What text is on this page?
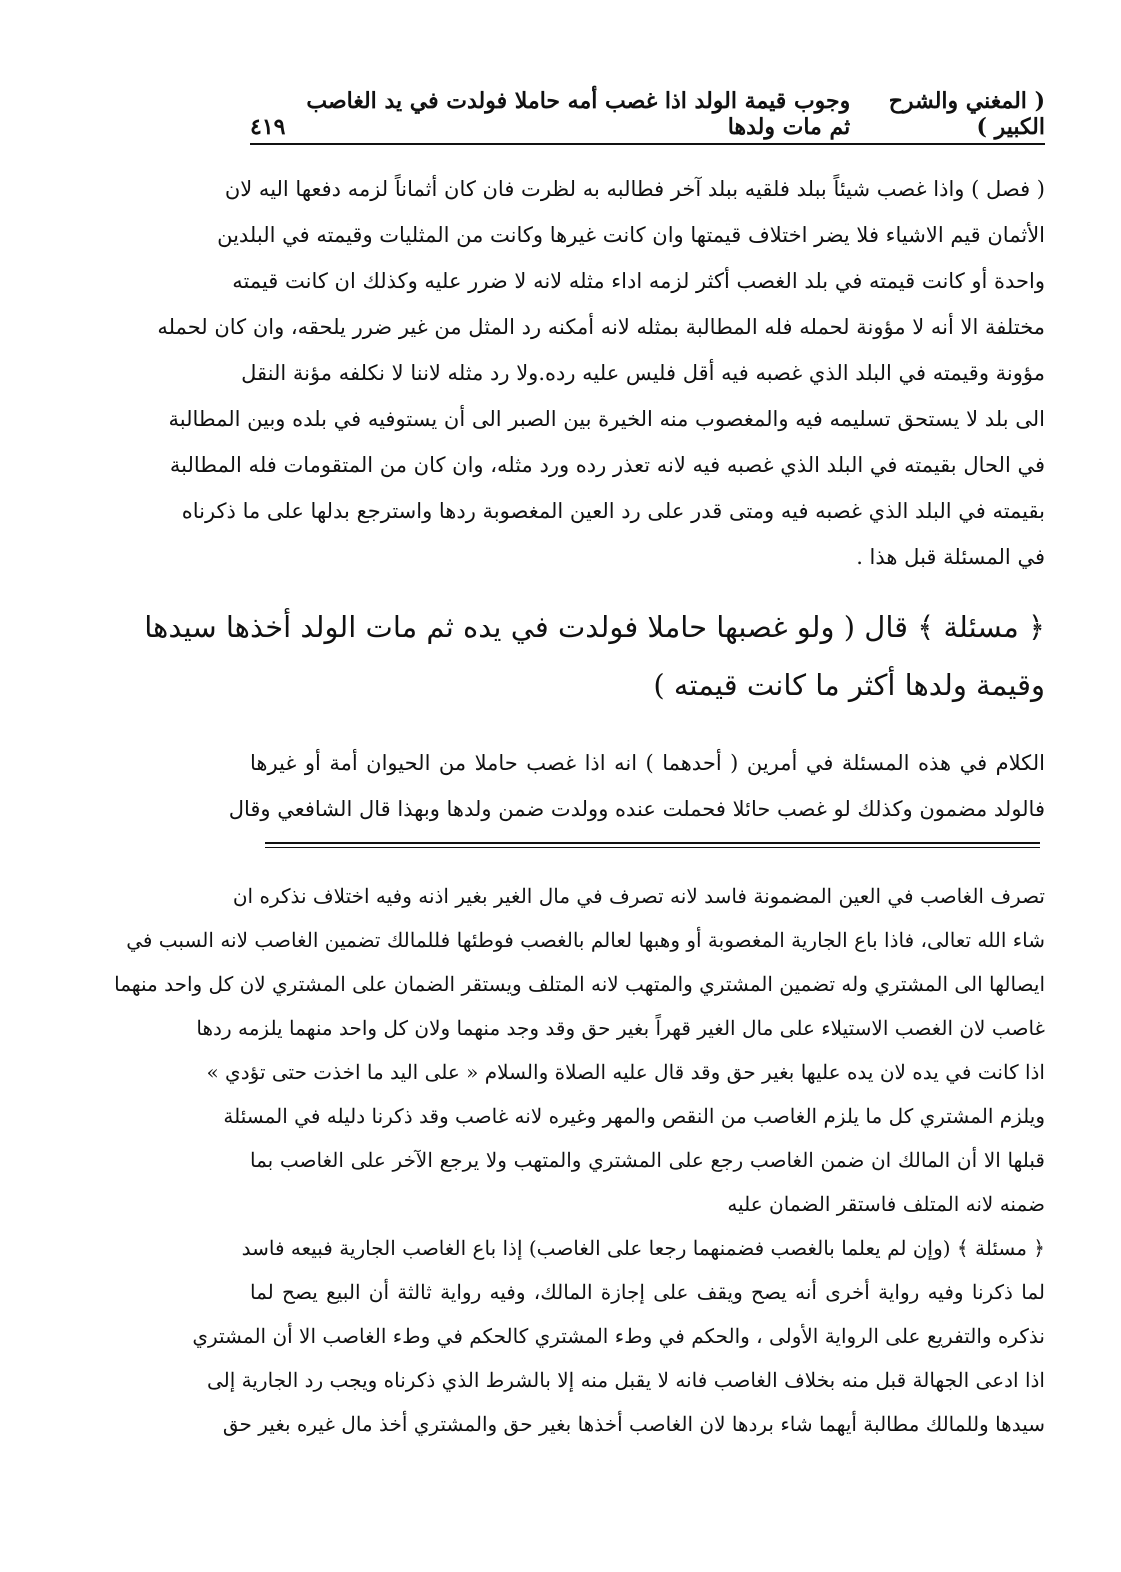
( المغني والشرح الكبير )
وجوب قيمة الولد اذا غصب أمه حاملا فولدت في يد الغاصب ثم مات ولدها
٤١٩
( فصل ) واذا غصب شيئاً ببلد فلقيه ببلد آخر فطالبه به لظرت فان كان أثماناً لزمه دفعها اليه لان
الأثمان قيم الاشياء فلا يضر اختلاف قيمتها وان كانت غيرها وكانت من المثليات وقيمته في البلدين
واحدة أو كانت قيمته في بلد الغصب أكثر لزمه اداء مثله لانه لا ضرر عليه وكذلك ان كانت قيمته
مختلفة الا أنه لا مؤونة لحمله فله المطالبة بمثله لانه أمكنه رد المثل من غير ضرر يلحقه، وان كان لحمله
مؤونة وقيمته في البلد الذي غصبه فيه أقل فليس عليه رده.ولا رد مثله لاننا لا نكلفه مؤنة النقل
الى بلد لا يستحق تسليمه فيه والمغصوب منه الخيرة بين الصبر الى أن يستوفيه في بلده وبين المطالبة
في الحال بقيمته في البلد الذي غصبه فيه لانه تعذر رده ورد مثله، وان كان من المتقومات فله المطالبة
بقيمته في البلد الذي غصبه فيه ومتى قدر على رد العين المغصوبة ردها واسترجع بدلها على ما ذكرناه
في المسئلة قبل هذا .
﴿ مسئلة ﴾ قال ( ولو غصبها حاملا فولدت في يده ثم مات الولد أخذها سيدها
وقيمة ولدها أكثر ما كانت قيمته )
الكلام في هذه المسئلة في أمرين ( أحدهما ) انه اذا غصب حاملا من الحيوان أمة أو غيرها
فالولد مضمون وكذلك لو غصب حائلا فحملت عنده وولدت ضمن ولدها وبهذا قال الشافعي وقال
تصرف الغاصب في العين المضمونة فاسد لانه تصرف في مال الغير بغير اذنه وفيه اختلاف نذكره ان
شاء الله تعالى، فاذا باع الجارية المغصوبة أو وهبها لعالم بالغصب فوطئها فللمالك تضمين الغاصب لانه السبب في
ايصالها الى المشتري وله تضمين المشتري والمتهب لانه المتلف ويستقر الضمان على المشتري لان كل واحد منهما
غاصب لان الغصب الاستيلاء على مال الغير قهراً بغير حق وقد وجد منهما ولان كل واحد منهما يلزمه ردها
اذا كانت في يده لان يده عليها بغير حق وقد قال عليه الصلاة والسلام « على اليد ما اخذت حتى تؤدي »
ويلزم المشتري كل ما يلزم الغاصب من النقص والمهر وغيره لانه غاصب وقد ذكرنا دليله في المسئلة
قبلها الا أن المالك ان ضمن الغاصب رجع على المشتري والمتهب ولا يرجع الآخر على الغاصب بما
ضمنه لانه المتلف فاستقر الضمان عليه
﴿ مسئلة ﴾ (وإن لم يعلما بالغصب فضمنهما رجعا على الغاصب) إذا باع الغاصب الجارية فبيعه فاسد
لما ذكرنا وفيه رواية أخرى أنه يصح ويقف على إجازة المالك، وفيه رواية ثالثة أن البيع يصح لما
نذكره والتفريع على الرواية الأولى ، والحكم في وطء المشتري كالحكم في وطء الغاصب الا أن المشتري
اذا ادعى الجهالة قبل منه بخلاف الغاصب فانه لا يقبل منه إلا بالشرط الذي ذكرناه ويجب رد الجارية إلى
سيدها وللمالك مطالبة أيهما شاء بردها لان الغاصب أخذها بغير حق والمشتري أخذ مال غيره بغير حق
